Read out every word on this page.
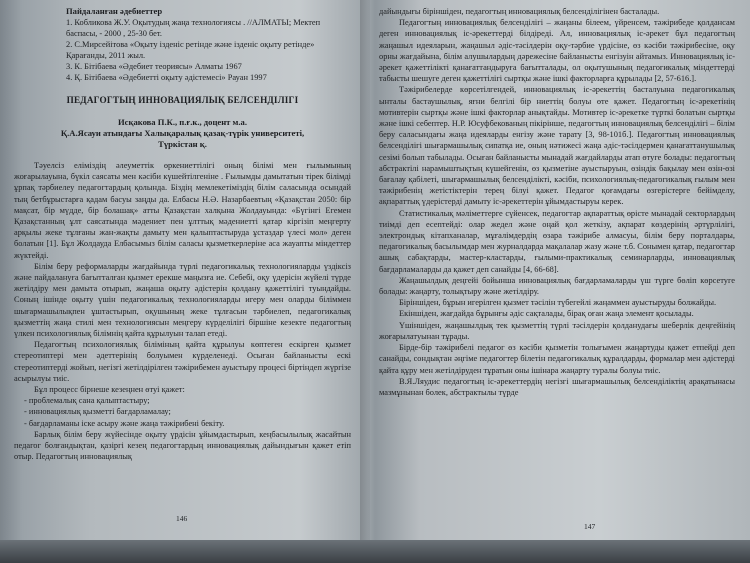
Пайдаланған әдебиеттер

1. Кобликова Ж.У. Оқытудың жаңа технологиясы . //АЛМАТЫ; Мектеп баспасы, - 2000 , 25-30 бет.

2. С.Мирсейітова «Оқыту ізденіс ретінде және ізденіс оқыту ретінде» Қарағанды, 2011 жыл.

3. К. Бітібаева «Әдебиет теориясы» Алматы 1967

4. Қ. Бітібаева «Әдебиетті оқыту әдістемесі» Рауан 1997

ПЕДАГОГТЫҢ ИННОВАЦИЯЛЫҚ БЕЛСЕНДІЛІГІ

Исқакова П.К., п.ғ.к., доцент м.а.

Қ.А.Ясауи атындағы Халықаралық қазақ-түрік университеті,

Түркістан қ.

Тәуелсіз еліміздің әлеуметтік өркениеттілігі оның білімі мен ғылымының жоғарылауына, бүкіл саясаты мен кәсіби күшейтілгеніне . Ғылымды дамытатын тірек білімді ұрпақ тәрбиелеу педагогтардың қолында. Біздің мемлекетіміздің білім саласында осындай тың бетбұрыстарға қадам басуы заңды да. Елбасы Н.Ә. Назарбаевтың «Қазақстан 2050: бір мақсат, бір мүдде, бір болашақ» атты Қазақстан халқына Жолдауында: «Бүгінгі Егемен Қазақстанның ұлт саясатында мәдениет пен ұлттық мәдениетті қатар кіргізіп меңгерту арқылы жеке тұлғаны жан-жақты дамыту мен қалыптастыруда ұстаздар үлесі мол» деген болатын [1]. Бұл Жолдауда Елбасымыз білім саласы қызметкерлеріне аса жауапты міндеттер жүктейді.

Білім беру реформаларды жағдайында түрлі педагогикалық технологияларды үздіксіз және пайдалануға бағытталған қызмет ерекше маңызға ие. Себебі, оқу үдерісін жүйелі түрде жетілдіру мен дамыта отырып, жаңаша оқыту әдістерін қолдану қажеттілігі туындайды. Соның ішінде оқыту үшін педагогикалық технологияларды игеру мен оларды біліммен шығармашылықпен ұштастырып, оқушының жеке тұлғасын тәрбиелеп, педагогикалық қызметтің жаңа стилі мен технологиясын меңгеру күрделілігі біршіне кезекте педагогтың үлкен психологиялық білімнің қайта құрылуын талап етеді.

Педагогтың психологиялық біліміның қайта құрылуы көптеген ескірген қызмет стереотиптері мен әдеттерінің болуымен күрделенеді. Осыған байланысты ескі стереотиптерді жойып, негізгі жетілдірілген тәжірибемен ауыстыру процесі біртіндеп жүргізе асырылуы тиіс.

Бұл процесс бірнеше кезеңнен өтуі қажет:

- проблемалық сана қалыптастыру;

- инновациялық қызметті бағдарламалау;

- бағдарламаны іске асыру және жаңа тәжірибені бекіту.

Барлық білім беру жүйесінде оқыту үрдісін ұйымдастырып, кеңбасылылық жасайтын педагог болғандықтан, қазіргі кезең педагогтардың инновациялық дайындығын қажет етіп отыр. Педагогтың инновациялық

146

дайындығы біріншіден, педагогтың инновациялық белсенділігінен басталады.

Педагогтың инновациялық белсенділігі – жаңаны білеем, үйренсем, тәжірибеде қолдансам деген инновациялық іс-әрекеттерді білдіреді. Ал, инновациялық іс-әрекет бұл педагогтың жаңашыл идеяларын, жаңашыл әдіс-тәсілдерін оқу-тәрбие үрдісіне, өз кәсіби тәжірибесіне, оқу орны жағдайына, білім алушылардың дәрежесіне байланысты енгізуін айтамыз. Инновациялық іс-әрекет қажеттілікті қанағаттандыруға бағытталады, ол оқытушының педагогикалық міндеттерді табысты шешуге деген қажеттілігі сыртқы және ішкі факторларға құрылады [2, 57-616.].

Тәжірибелерде көрсетілгендей, инновациялық іс-әрекеттің басталуына педагогикалық ынталы бастаушылық, яғни белгілі бір ниеттің болуы өте қажет. Педагогтың іс-әрекетінің мотивтерін сыртқы және ішкі факторлар анықтайды. Мотивтер іс-әрекетке түрткі болатын сыртқы және ішкі себептер. Н.Р. Юсуфбекованың пікірінше, педагогтың инновациялық белсенділігі – білім беру саласындағы жаңа идеяларды енгізу және тарату [3, 98-101б.]. Педагогтың инновациялық белсенділігі шығармашылық сипатқа ие, оның нәтижесі жаңа әдіс-тәсілдермен қанағаттанушылық сезімі болып табылады. Осыған байланысты мынадай жағдайларды атап өтуге болады: педагогтың абстрактілі нарамыштықтың күшейгенін, өз қызметіне ауыстыруын, өзіндік бақылау мен өзін-өзі бағалау қабілеті, шығармашылық белсенділікті, кәсіби, психологиялық-педагогикалық ғылым мен тәжірибенің жетістіктерін терең білуі қажет. Педагог қоғамдағы өзгерістерге бейімделу, ақпараттық үдерістерді дамыту іс-әрекеттерін ұйымдастыруы керек.

Статистикалық мәліметтерге сүйенсек, педагогтар ақпараттық өрісте мынадай секторлардың тиімді деп есептейді: олар жедел және оңай қол жеткізу, ақпарат көздерінің әртүрлілігі, электрондық кітапханалар, мұғалімдердің өзара тәжірибе алмасуы, білім беру порталдары, педагогикалық басылымдар мен журналдарда мақалалар жазу және т.б. Сонымен қатар, педагогтар ашық сабақтарды, мастер-кластарды, ғылыми-практикалық семинарларды, инновациялық бағдарламаларды да қажет деп санайды [4, 66-68].

Жаңашылдық деңгейі бойынша инновациялық бағдарламаларды үш түрге бөліп көрсетуге болады: жаңарту, толықтыру және жетілдіру.

Біріншіден, бұрын игерілген қызмет тәсілін түбегейлі жаңаммен ауыстыруды болжайды.

Екіншіден, жағдайда бұрынғы әдіс сақталады, бірақ оған жаңа элемент қосылады.

Үшіншіден, жаңашылдық тек қызметтің түрлі тәсілдерін қолданудағы шеберлік деңгейінің жоғарылатуынан тұрады.

Бірде-бір тәжірибелі педагог өз кәсіби қызметін толығымен жаңартуды қажет етпейді деп санайды, сондықтан әңгіме педагогтер білетін педагогикалық құралдарды, формалар мен әдістерді қайта құру мен жетілдіруден тұратын оны ішінара жаңарту туралы болуы тиіс.

В.Я.Ляудис педагогтың іс-әрекеттердің негізгі шығармашылық белсенділіктің арақатынасы мазмұнынан болек, абстрактылы түрде

147
